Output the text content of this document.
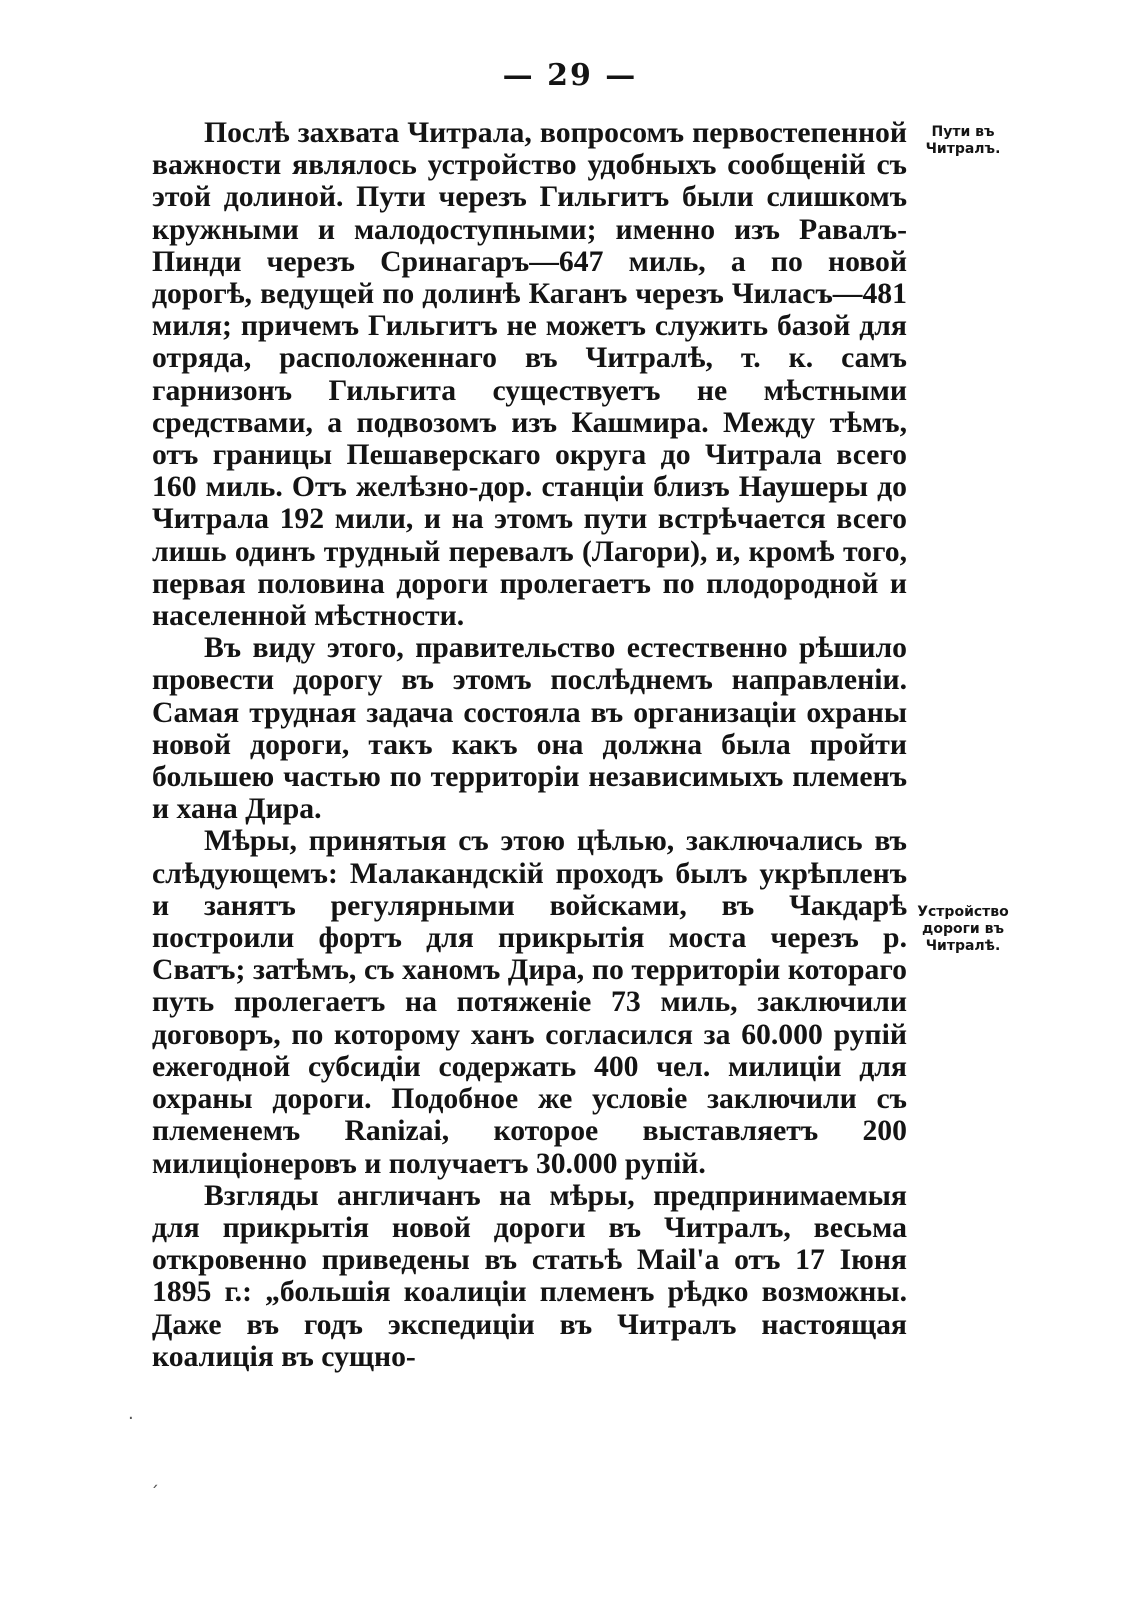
— 29 —
Пути въ Читралъ.
Устройство дороги въ Читралѣ.

Послѣ захвата Читрала, вопросомъ первостепенной важности являлось устройство удобныхъ сообщенiй съ этой долиной. Пути черезъ Гильгитъ были слишкомъ кружными и малодоступными; именно изъ Равалъ-Пинди черезъ Сринагаръ—647 миль, а по новой дорогѣ, ведущей по долинѣ Каганъ черезъ Чиласъ—481 миля; причемъ Гильгитъ не можетъ служить базой для отряда, расположеннаго въ Читралѣ, т. к. самъ гарнизонъ Гильгита существуетъ не мѣстными средствами, а подвозомъ изъ Кашмира. Между тѣмъ, отъ границы Пешаверскаго округа до Читрала всего 160 миль. Отъ желѣзно-дор. станцiи близъ Наушеры до Читрала 192 мили, и на этомъ пути встрѣчается всего лишь одинъ трудный перевалъ (Лагори), и, кромѣ того, первая половина дороги пролегаетъ по плодородной и населенной мѣстности.

Въ виду этого, правительство естественно рѣшило провести дорогу въ этомъ послѣднемъ направленiи. Самая трудная задача состояла въ организацiи охраны новой дороги, такъ какъ она должна была пройти большею частью по территорiи независимыхъ племенъ и хана Дира.

Мѣры, принятыя съ этою цѣлью, заключались въ слѣдующемъ: Малакандскiй проходъ былъ укрѣпленъ и занятъ регулярными войсками, въ Чакдарѣ построили фортъ для прикрытiя моста черезъ р. Сватъ; затѣмъ, съ ханомъ Дира, по территорiи котораго путь пролегаетъ на потяженiе 73 миль, заключили договоръ, по которому ханъ согласился за 60.000 рупiй ежегодной субсидiи содержать 400 чел. милицiи для охраны дороги. Подобное же условiе заключили съ племенемъ Ranizai, которое выставляетъ 200 милицiонеровъ и получаетъ 30.000 рупiй.

Взгляды англичанъ на мѣры, предпринимаемыя для прикрытiя новой дороги въ Читралъ, весьма откровенно приведены въ статьѣ Mail'а отъ 17 Iюня 1895 г.: „большiя коалицiи племенъ рѣдко возможны. Даже въ годъ экспедицiи въ Читралъ настоящая коалицiя въ сущно-

·
ˏ
